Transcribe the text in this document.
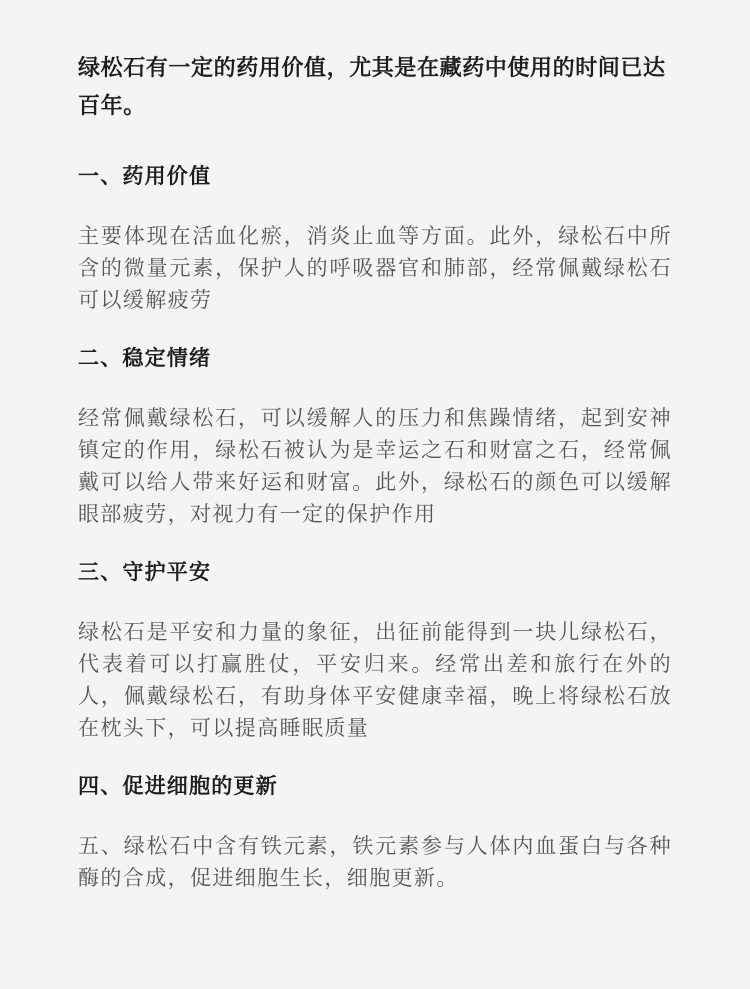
绿松石有一定的药用价值，尤其是在藏药中使用的时间已达百年。

一、药用价值

主要体现在活血化瘀，消炎止血等方面。此外，绿松石中所含的微量元素，保护人的呼吸器官和肺部，经常佩戴绿松石可以缓解疲劳

二、稳定情绪

经常佩戴绿松石，可以缓解人的压力和焦躁情绪，起到安神镇定的作用，绿松石被认为是幸运之石和财富之石，经常佩戴可以给人带来好运和财富。此外，绿松石的颜色可以缓解眼部疲劳，对视力有一定的保护作用

三、守护平安

绿松石是平安和力量的象征，出征前能得到一块儿绿松石，代表着可以打赢胜仗，平安归来。经常出差和旅行在外的人，佩戴绿松石，有助身体平安健康幸福，晚上将绿松石放在枕头下，可以提高睡眠质量

四、促进细胞的更新

五、绿松石中含有铁元素，铁元素参与人体内血蛋白与各种酶的合成，促进细胞生长，细胞更新。
